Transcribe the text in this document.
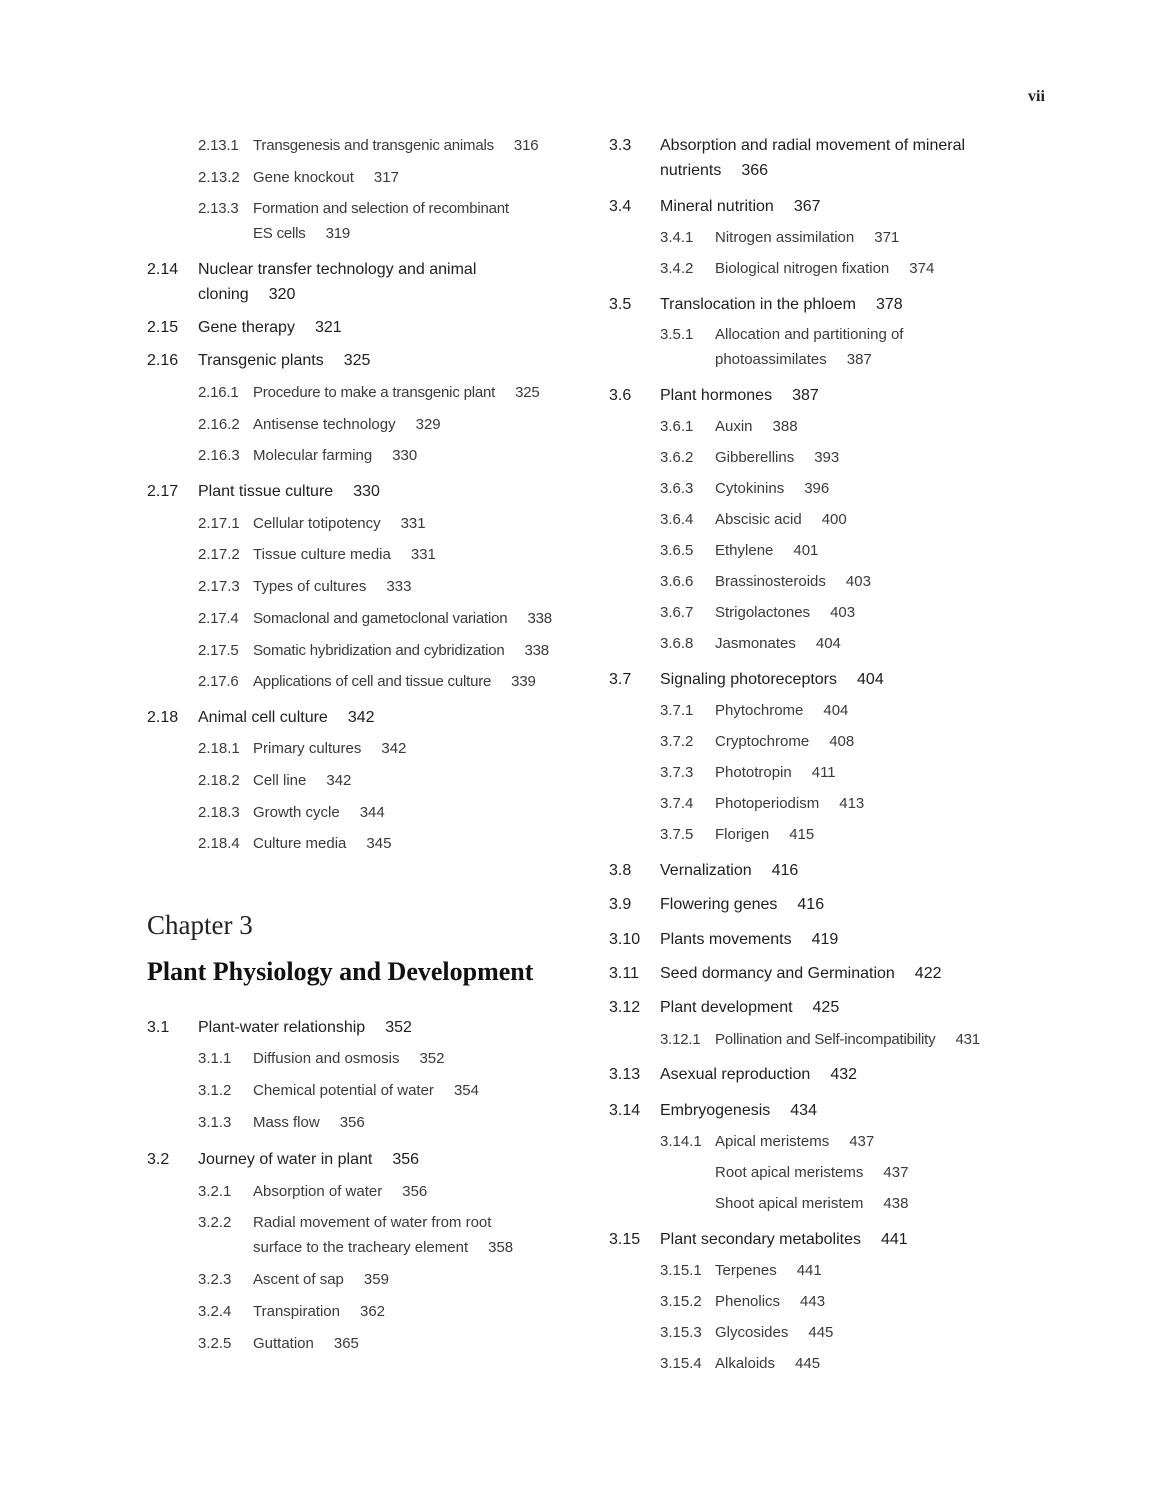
vii
2.13.1 Transgenesis and transgenic animals 316
2.13.2 Gene knockout 317
2.13.3 Formation and selection of recombinant
ES cells 319
2.14 Nuclear transfer technology and animal
cloning 320
2.15 Gene therapy 321
2.16 Transgenic plants 325
2.16.1 Procedure to make a transgenic plant 325
2.16.2 Antisense technology 329
2.16.3 Molecular farming 330
2.17 Plant tissue culture 330
2.17.1 Cellular totipotency 331
2.17.2 Tissue culture media 331
2.17.3 Types of cultures 333
2.17.4 Somaclonal and gametoclonal variation 338
2.17.5 Somatic hybridization and cybridization 338
2.17.6 Applications of cell and tissue culture 339
2.18 Animal cell culture 342
2.18.1 Primary cultures 342
2.18.2 Cell line 342
2.18.3 Growth cycle 344
2.18.4 Culture media 345
3.1 Plant-water relationship 352
3.1.1 Diffusion and osmosis 352
3.1.2 Chemical potential of water 354
3.1.3 Mass flow 356
3.2 Journey of water in plant 356
3.2.1 Absorption of water 356
3.2.2 Radial movement of water from root
surface to the tracheary element 358
3.2.3 Ascent of sap 359
3.2.4 Transpiration 362
3.2.5 Guttation 365
3.3 Absorption and radial movement of mineral
nutrients 366
3.4 Mineral nutrition 367
3.4.1 Nitrogen assimilation 371
3.4.2 Biological nitrogen fixation 374
3.5 Translocation in the phloem 378
3.5.1 Allocation and partitioning of
photoassimilates 387
3.6 Plant hormones 387
3.6.1 Auxin 388
3.6.2 Gibberellins 393
3.6.3 Cytokinins 396
3.6.4 Abscisic acid 400
3.6.5 Ethylene 401
3.6.6 Brassinosteroids 403
3.6.7 Strigolactones 403
3.6.8 Jasmonates 404
3.7 Signaling photoreceptors 404
3.7.1 Phytochrome 404
3.7.2 Cryptochrome 408
3.7.3 Phototropin 411
3.7.4 Photoperiodism 413
3.7.5 Florigen 415
3.8 Vernalization 416
3.9 Flowering genes 416
3.10 Plants movements 419
3.11 Seed dormancy and Germination 422
3.12 Plant development 425
3.12.1 Pollination and Self-incompatibility 431
3.13 Asexual reproduction 432
3.14 Embryogenesis 434
3.14.1 Apical meristems 437
Root apical meristems 437
Shoot apical meristem 438
3.15 Plant secondary metabolites 441
3.15.1 Terpenes 441
3.15.2 Phenolics 443
3.15.3 Glycosides 445
3.15.4 Alkaloids 445
Chapter 3
Plant Physiology and Development
